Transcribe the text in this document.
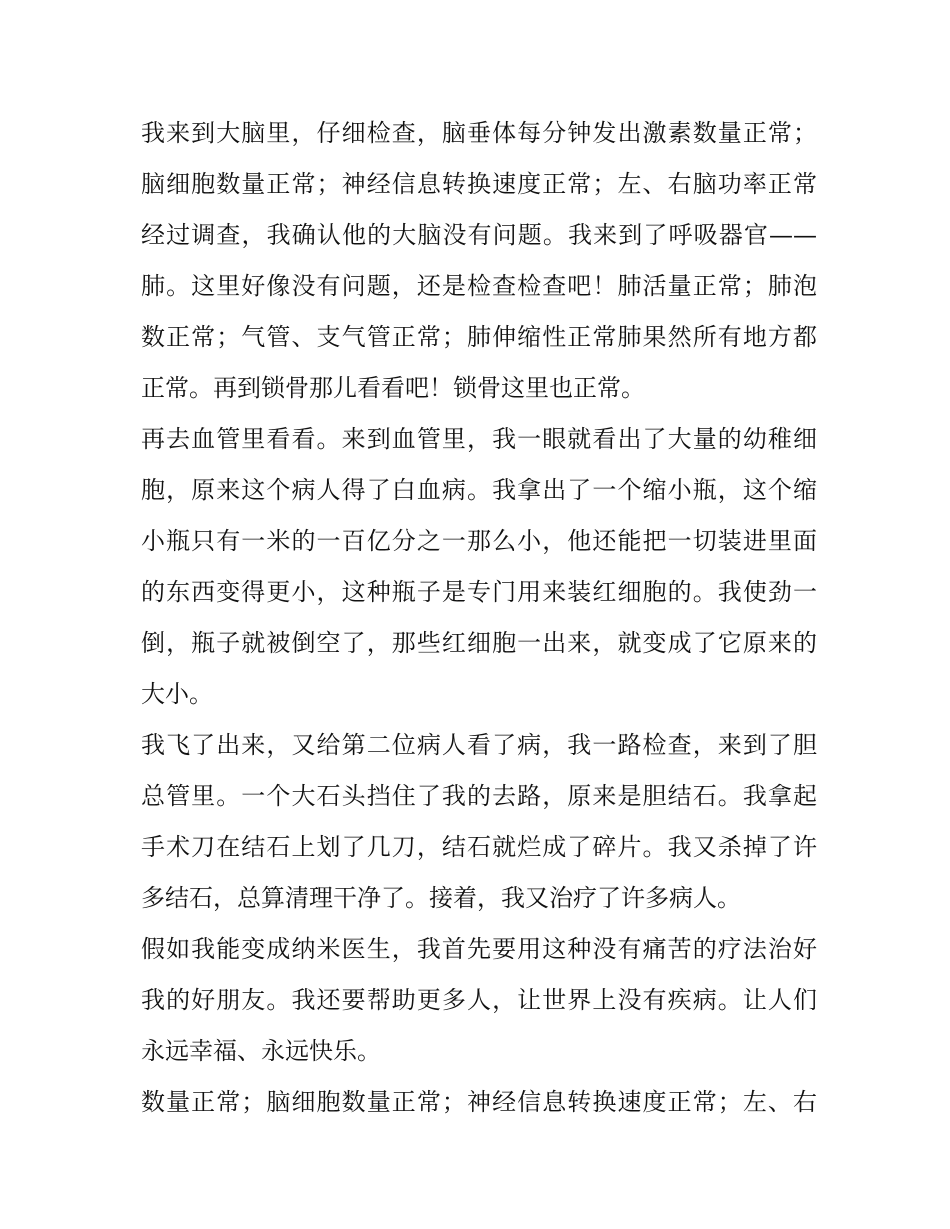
我来到大脑里，仔细检查，脑垂体每分钟发出激素数量正常；
脑细胞数量正常；神经信息转换速度正常；左、右脑功率正常
经过调查，我确认他的大脑没有问题。我来到了呼吸器官——
肺。这里好像没有问题，还是检查检查吧！肺活量正常；肺泡
数正常；气管、支气管正常；肺伸缩性正常肺果然所有地方都
正常。再到锁骨那儿看看吧！锁骨这里也正常。
再去血管里看看。来到血管里，我一眼就看出了大量的幼稚细
胞，原来这个病人得了白血病。我拿出了一个缩小瓶，这个缩
小瓶只有一米的一百亿分之一那么小，他还能把一切装进里面
的东西变得更小，这种瓶子是专门用来装红细胞的。我使劲一
倒，瓶子就被倒空了，那些红细胞一出来，就变成了它原来的
大小。
我飞了出来，又给第二位病人看了病，我一路检查，来到了胆
总管里。一个大石头挡住了我的去路，原来是胆结石。我拿起
手术刀在结石上划了几刀，结石就烂成了碎片。我又杀掉了许
多结石，总算清理干净了。接着，我又治疗了许多病人。
假如我能变成纳米医生，我首先要用这种没有痛苦的疗法治好
我的好朋友。我还要帮助更多人，让世界上没有疾病。让人们
永远幸福、永远快乐。
数量正常；脑细胞数量正常；神经信息转换速度正常；左、右
